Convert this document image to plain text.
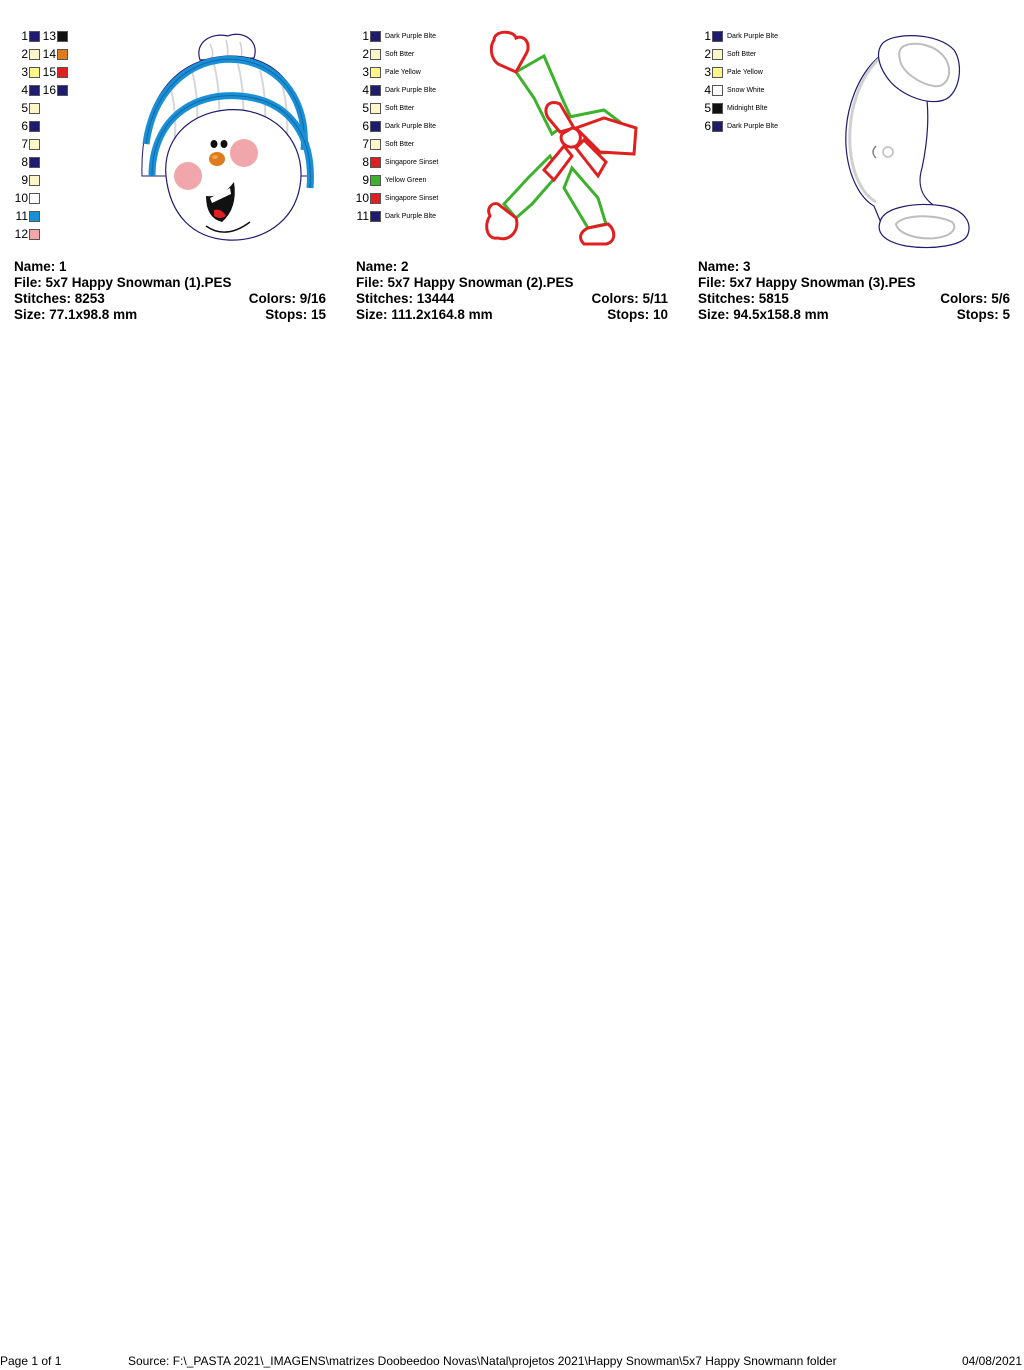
1
2
3
4
5
6
7
8
9
10
11
12
13
14
15
16
Name: 1
File: 5x7 Happy Snowman (1).PES
Stitches: 8253	Colors: 9/16
Size: 77.1x98.8 mm	Stops: 15
1 Dark Purple Blte
2 Soft Btter
3 Pale Yellow
4 Dark Purple Blte
5 Soft Btter
6 Dark Purple Blte
7 Soft Btter
8 Singapore Sinset
9 Yellow Green
10 Singapore Sinset
11 Dark Purple Blte
Name: 2
File: 5x7 Happy Snowman (2).PES
Stitches: 13444	Colors: 5/11
Size: 111.2x164.8 mm	Stops: 10
1 Dark Purple Blte
2 Soft Btter
3 Pale Yellow
4 Snow White
5 Midnight Blte
6 Dark Purple Blte
Name: 3
File: 5x7 Happy Snowman (3).PES
Stitches: 5815	Colors: 5/6
Size: 94.5x158.8 mm	Stops: 5
Page 1 of 1	Source: F:\_PASTA 2021\_IMAGENS\matrizes Doobeedoo Novas\Natal\projetos 2021\Happy Snowman\5x7 Happy Snowmann folder	04/08/2021
